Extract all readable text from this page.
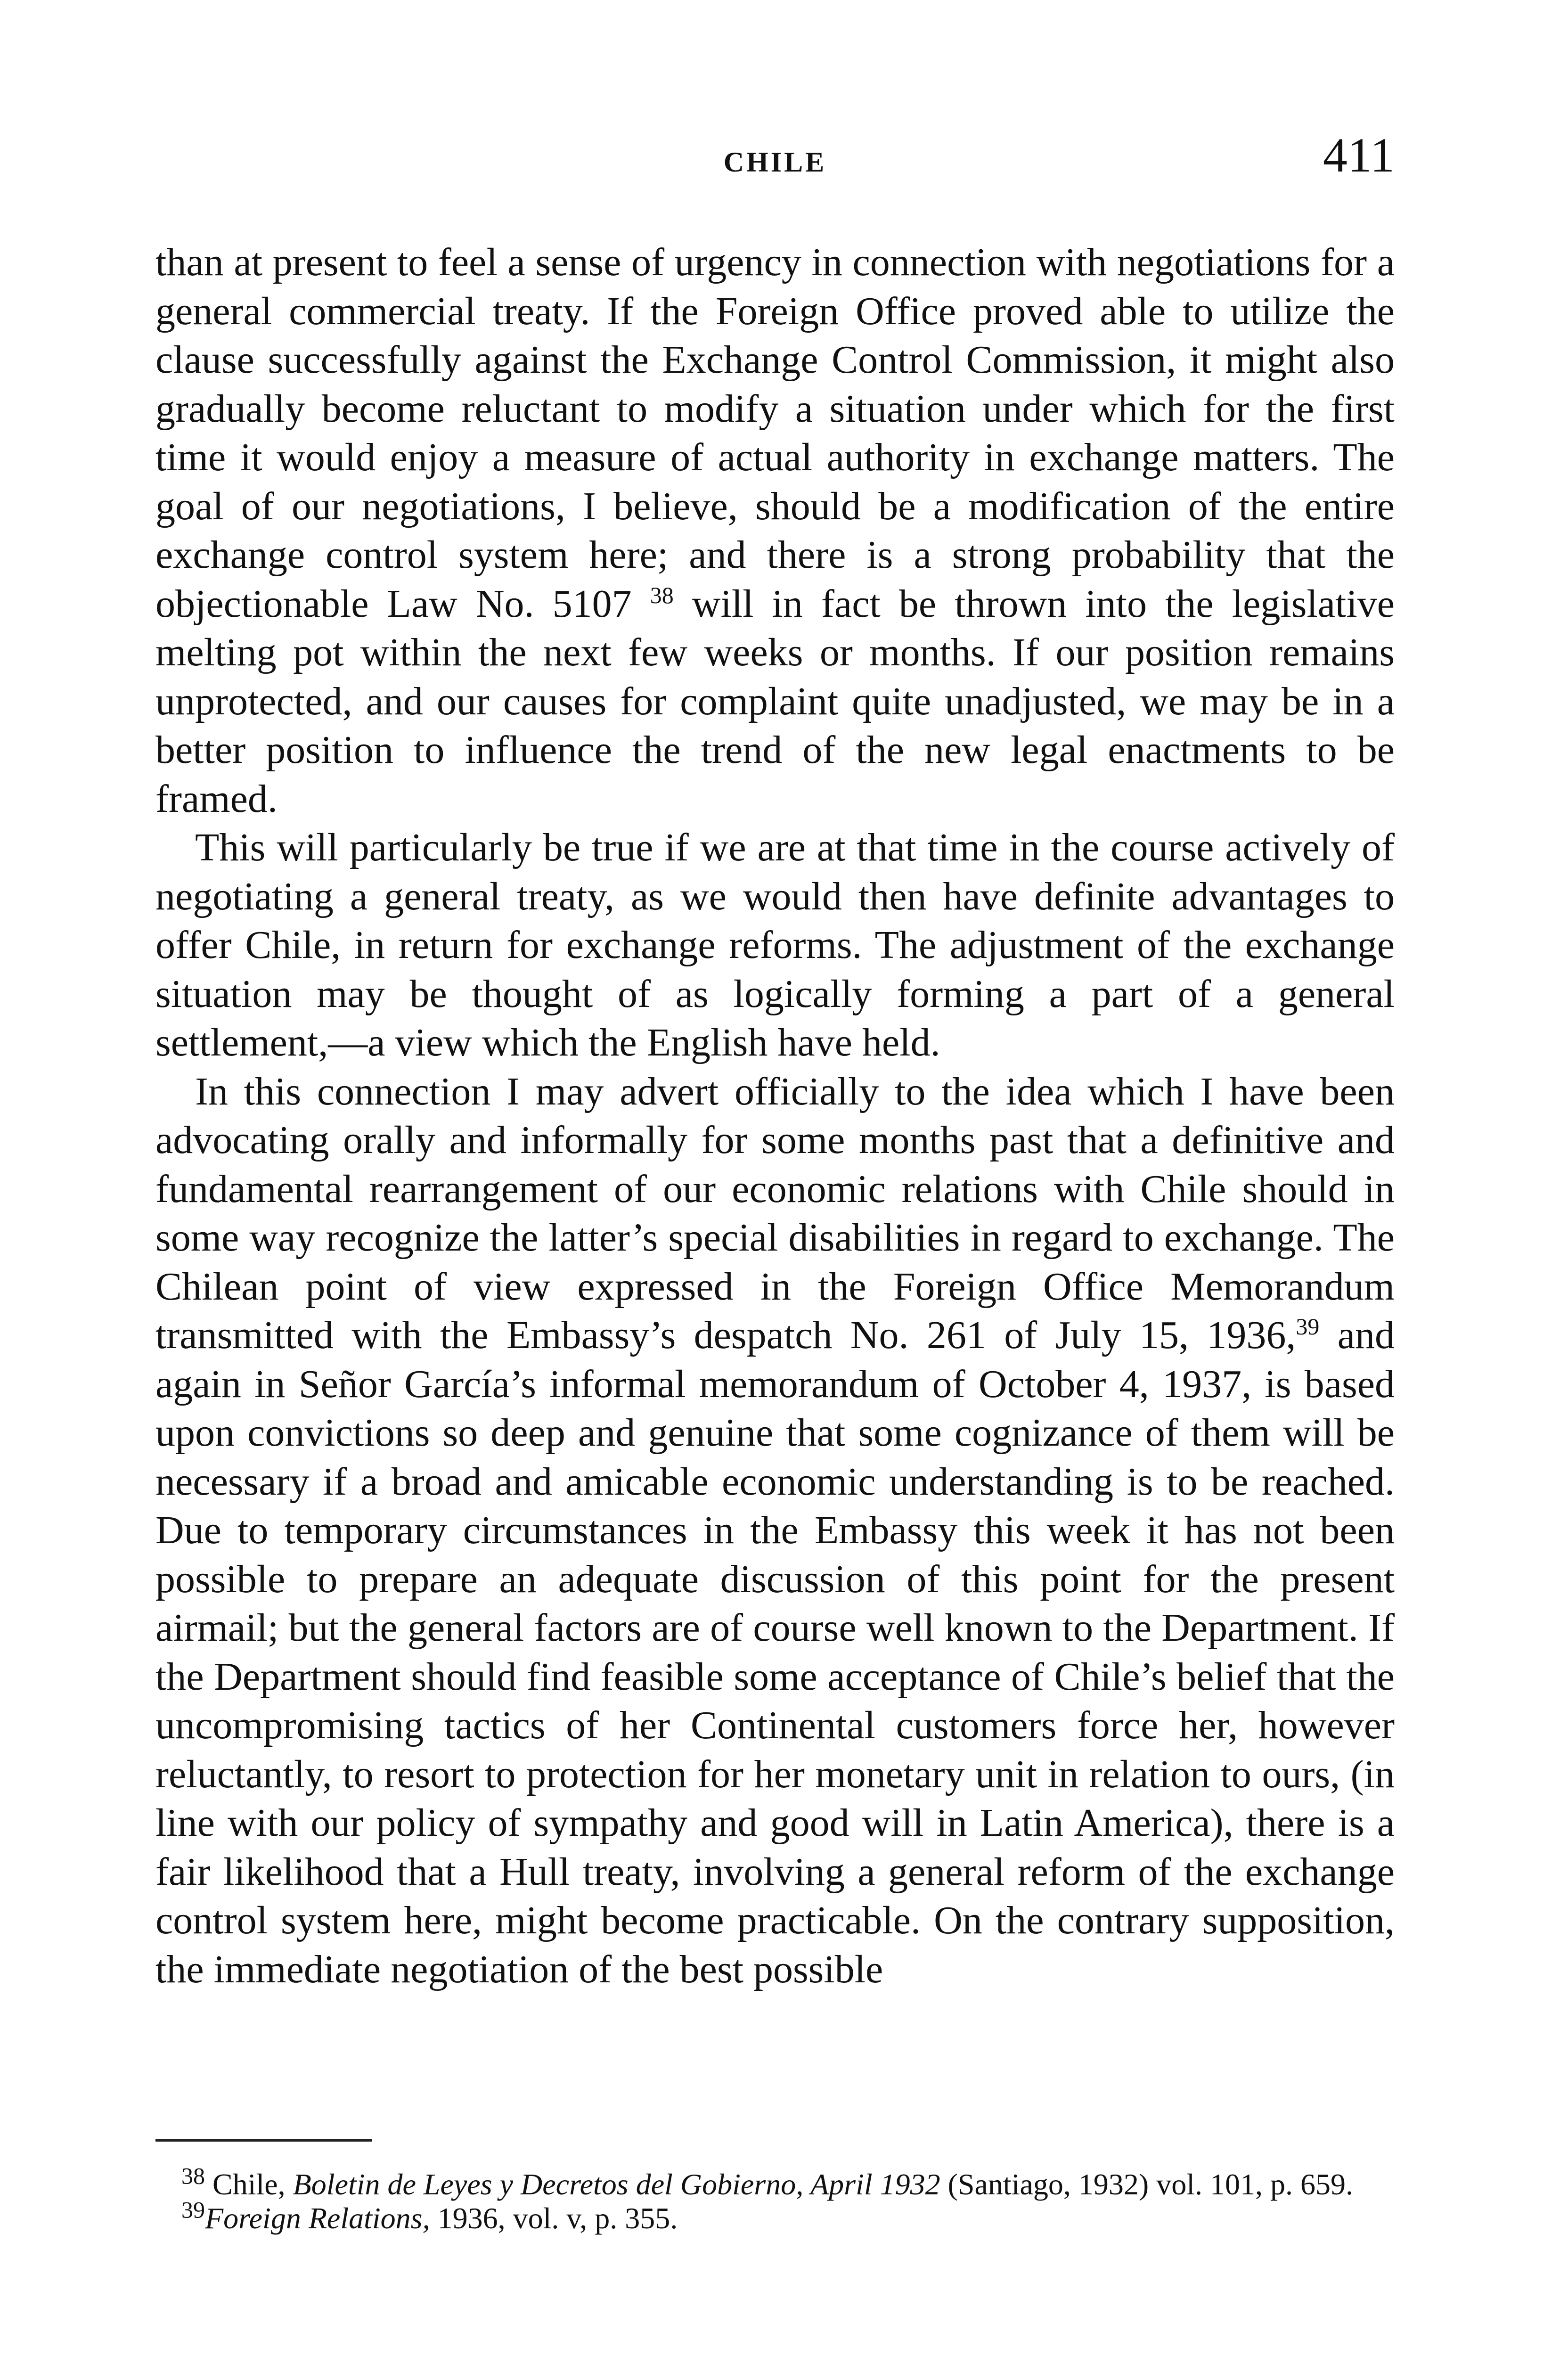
CHILE	411

than at present to feel a sense of urgency in connection with negotiations for a general commercial treaty. If the Foreign Office proved able to utilize the clause successfully against the Exchange Control Commission, it might also gradually become reluctant to modify a situation under which for the first time it would enjoy a measure of actual authority in exchange matters. The goal of our negotiations, I believe, should be a modification of the entire exchange control system here; and there is a strong probability that the objectionable Law No. 5107 $^{38}$ will in fact be thrown into the legislative melting pot within the next few weeks or months. If our position remains unprotected, and our causes for complaint quite unadjusted, we may be in a better position to influence the trend of the new legal enactments to be framed.

This will particularly be true if we are at that time in the course actively of negotiating a general treaty, as we would then have definite advantages to offer Chile, in return for exchange reforms. The adjustment of the exchange situation may be thought of as logically forming a part of a general settlement,—a view which the English have held.

In this connection I may advert officially to the idea which I have been advocating orally and informally for some months past that a definitive and fundamental rearrangement of our economic relations with Chile should in some way recognize the latter’s special disabilities in regard to exchange. The Chilean point of view expressed in the Foreign Office Memorandum transmitted with the Embassy’s despatch No. 261 of July 15, 1936,39 and again in Señor García’s informal memorandum of October 4, 1937, is based upon convictions so deep and genuine that some cognizance of them will be necessary if a broad and amicable economic understanding is to be reached. Due to temporary circumstances in the Embassy this week it has not been possible to prepare an adequate discussion of this point for the present airmail; but the general factors are of course well known to the Department. If the Department should find feasible some acceptance of Chile’s belief that the uncompromising tactics of her Continental customers force her, however reluctantly, to resort to protection for her monetary unit in relation to ours, (in line with our policy of sympathy and good will in Latin America), there is a fair likelihood that a Hull treaty, involving a general reform of the exchange control system here, might become practicable. On the contrary supposition, the immediate negotiation of the best possible

$^{38}$ Chile, Boletin de Leyes y Decretos del Gobierno, April 1932 (Santiago, 1932) vol. 101, p. 659.

$^{39}$Foreign Relations, 1936, vol. v, p. 355.
